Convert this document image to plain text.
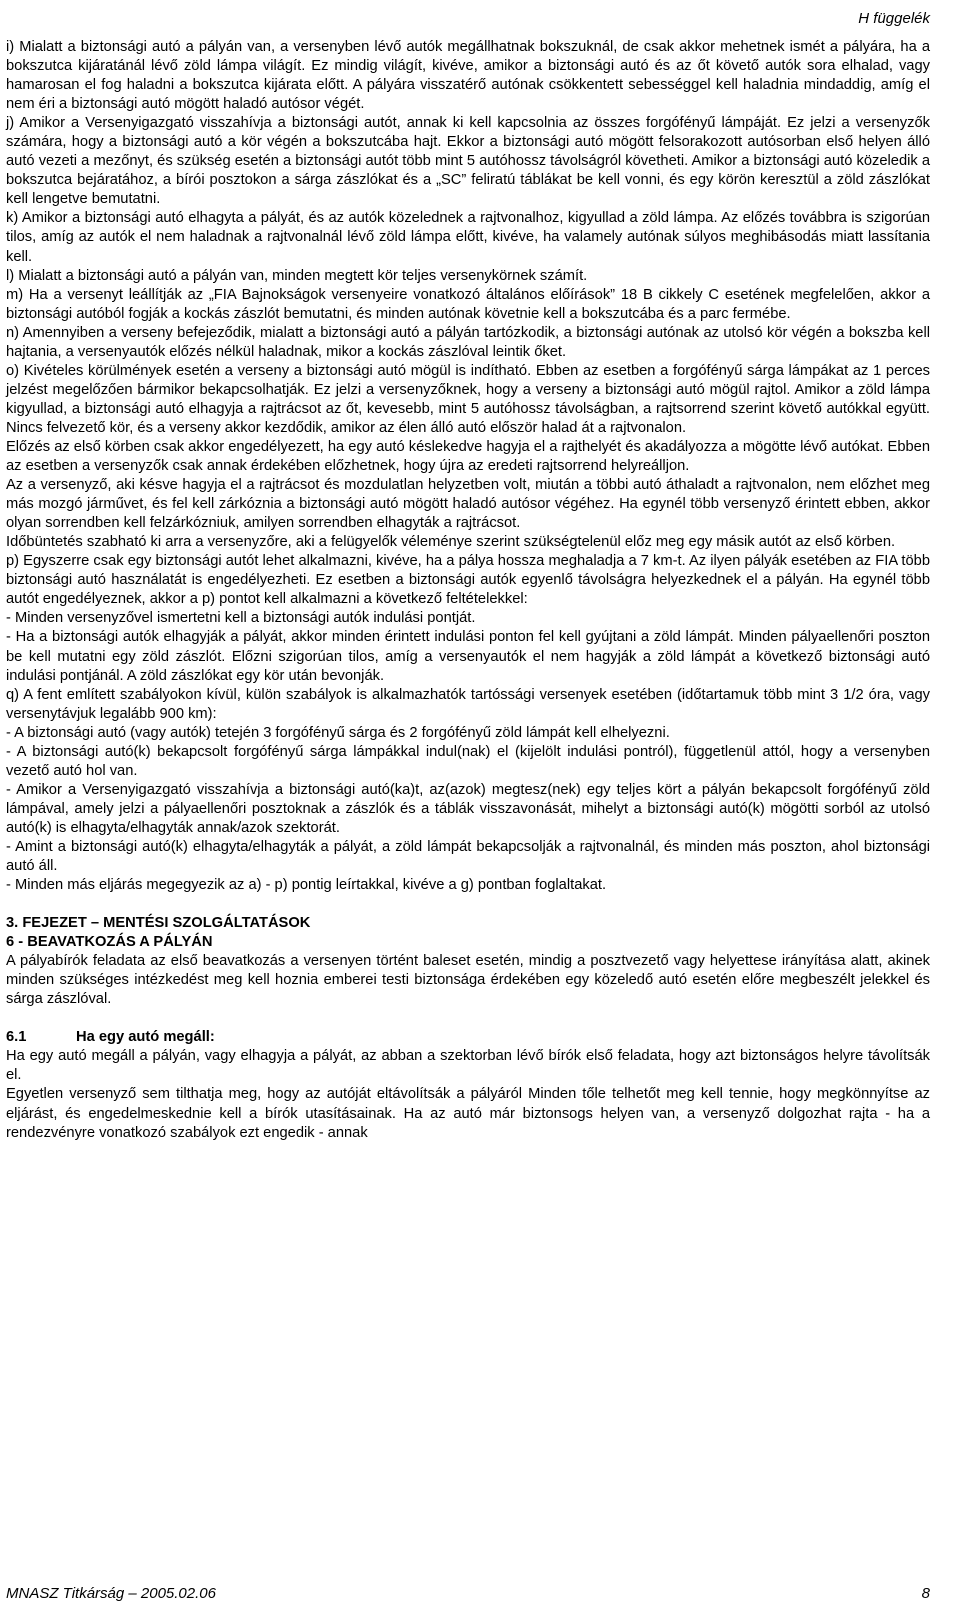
H függelék

i) Mialatt a biztonsági autó a pályán van, a versenyben lévő autók megállhatnak bokszuknál, de csak akkor mehetnek ismét a pályára, ha a bokszutca kijáratánál lévő zöld lámpa világít. Ez mindig világít, kivéve, amikor a biztonsági autó és az őt követő autók sora elhalad, vagy hamarosan el fog haladni a bokszutca kijárata előtt. A pályára visszatérő autónak csökkentett sebességgel kell haladnia mindaddig, amíg el nem éri a biztonsági autó mögött haladó autósor végét.

j) Amikor a Versenyigazgató visszahívja a biztonsági autót, annak ki kell kapcsolnia az összes forgófényű lámpáját. Ez jelzi a versenyzők számára, hogy a biztonsági autó a kör végén a bokszutcába hajt. Ekkor a biztonsági autó mögött felsorakozott autósorban első helyen álló autó vezeti a mezőnyt, és szükség esetén a biztonsági autót több mint 5 autóhossz távolságról követheti. Amikor a biztonsági autó közeledik a bokszutca bejáratához, a bírói posztokon a sárga zászlókat és a „SC” feliratú táblákat be kell vonni, és egy körön keresztül a zöld zászlókat kell lengetve bemutatni.

k) Amikor a biztonsági autó elhagyta a pályát, és az autók közelednek a rajtvonalhoz, kigyullad a zöld lámpa. Az előzés továbbra is szigorúan tilos, amíg az autók el nem haladnak a rajtvonalnál lévő zöld lámpa előtt, kivéve, ha valamely autónak súlyos meghibásodás miatt lassítania kell.

l) Mialatt a biztonsági autó a pályán van, minden megtett kör teljes versenykörnek számít.

m) Ha a versenyt leállítják az „FIA Bajnokságok versenyeire vonatkozó általános előírások” 18 B cikkely C esetének megfelelően, akkor a biztonsági autóból fogják a kockás zászlót bemutatni, és minden autónak követnie kell a bokszutcába és a parc fermébe.

n) Amennyiben a verseny befejeződik, mialatt a biztonsági autó a pályán tartózkodik, a biztonsági autónak az utolsó kör végén a bokszba kell hajtania, a versenyautók előzés nélkül haladnak, mikor a kockás zászlóval leintik őket.

o) Kivételes körülmények esetén a verseny a biztonsági autó mögül is indítható. Ebben az esetben a forgófényű sárga lámpákat az 1 perces jelzést megelőzően bármikor bekapcsolhatják. Ez jelzi a versenyzőknek, hogy a verseny a biztonsági autó mögül rajtol. Amikor a zöld lámpa kigyullad, a biztonsági autó elhagyja a rajtrácsot az őt, kevesebb, mint 5 autóhossz távolságban, a rajtsorrend szerint követő autókkal együtt. Nincs felvezető kör, és a verseny akkor kezdődik, amikor az élen álló autó először halad át a rajtvonalon.

Előzés az első körben csak akkor engedélyezett, ha egy autó késlekedve hagyja el a rajthelyét és akadályozza a mögötte lévő autókat. Ebben az esetben a versenyzők csak annak érdekében előzhetnek, hogy újra az eredeti rajtsorrend helyreálljon.

Az a versenyző, aki késve hagyja el a rajtrácsot és mozdulatlan helyzetben volt, miután a többi autó áthaladt a rajtvonalon, nem előzhet meg más mozgó járművet, és fel kell zárkóznia a biztonsági autó mögött haladó autósor végéhez. Ha egynél több versenyző érintett ebben, akkor olyan sorrendben kell felzárkózniuk, amilyen sorrendben elhagyták a rajtrácsot.

Időbüntetés szabható ki arra a versenyzőre, aki a felügyelők véleménye szerint szükségtelenül előz meg egy másik autót az első körben.

p) Egyszerre csak egy biztonsági autót lehet alkalmazni, kivéve, ha a pálya hossza meghaladja a 7 km-t. Az ilyen pályák esetében az FIA több biztonsági autó használatát is engedélyezheti. Ez esetben a biztonsági autók egyenlő távolságra helyezkednek el a pályán. Ha egynél több autót engedélyeznek, akkor a p) pontot kell alkalmazni a következő feltételekkel:

- Minden versenyzővel ismertetni kell a biztonsági autók indulási pontját.

- Ha a biztonsági autók elhagyják a pályát, akkor minden érintett indulási ponton fel kell gyújtani a zöld lámpát. Minden pályaellenőri poszton be kell mutatni egy zöld zászlót. Előzni szigorúan tilos, amíg a versenyautók el nem hagyják a zöld lámpát a következő biztonsági autó indulási pontjánál. A zöld zászlókat egy kör után bevonják.

q) A fent említett szabályokon kívül, külön szabályok is alkalmazhatók tartóssági versenyek esetében (időtartamuk több mint 3 1/2 óra, vagy versenytávjuk legalább 900 km):

- A biztonsági autó (vagy autók) tetején 3 forgófényű sárga és 2 forgófényű zöld lámpát kell elhelyezni.

- A biztonsági autó(k) bekapcsolt forgófényű sárga lámpákkal indul(nak) el (kijelölt indulási pontról), függetlenül attól, hogy a versenyben vezető autó hol van.

- Amikor a Versenyigazgató visszahívja a biztonsági autó(ka)t, az(azok) megtesz(nek) egy teljes kört a pályán bekapcsolt forgófényű zöld lámpával, amely jelzi a pályaellenőri posztoknak a zászlók és a táblák visszavonását, mihelyt a biztonsági autó(k) mögötti sorból az utolsó autó(k) is elhagyta/elhagyták annak/azok szektorát.

- Amint a biztonsági autó(k) elhagyta/elhagyták a pályát, a zöld lámpát bekapcsolják a rajtvonalnál, és minden más poszton, ahol biztonsági autó áll.

- Minden más eljárás megegyezik az a) - p) pontig leírtakkal, kivéve a g) pontban foglaltakat.

3. FEJEZET – MENTÉSI SZOLGÁLTATÁSOK

6 - BEAVATKOZÁS A PÁLYÁN

A pályabírók feladata az első beavatkozás a versenyen történt baleset esetén, mindig a posztvezető vagy helyettese irányítása alatt, akinek minden szükséges intézkedést meg kell hoznia emberei testi biztonsága érdekében egy közeledő autó esetén előre megbeszélt jelekkel és sárga zászlóval.

6.1	Ha egy autó megáll:

Ha egy autó megáll a pályán, vagy elhagyja a pályát, az abban a szektorban lévő bírók első feladata, hogy azt biztonságos helyre távolítsák el.

Egyetlen versenyző sem tilthatja meg, hogy az autóját eltávolítsák a pályáról Minden tőle telhetőt meg kell tennie, hogy megkönnyítse az eljárást, és engedelmeskednie kell a bírók utasításainak. Ha az autó már biztonsogs helyen van, a versenyző dolgozhat rajta - ha a rendezvényre vonatkozó szabályok ezt engedik - annak

MNASZ Titkárság – 2005.02.06	8
